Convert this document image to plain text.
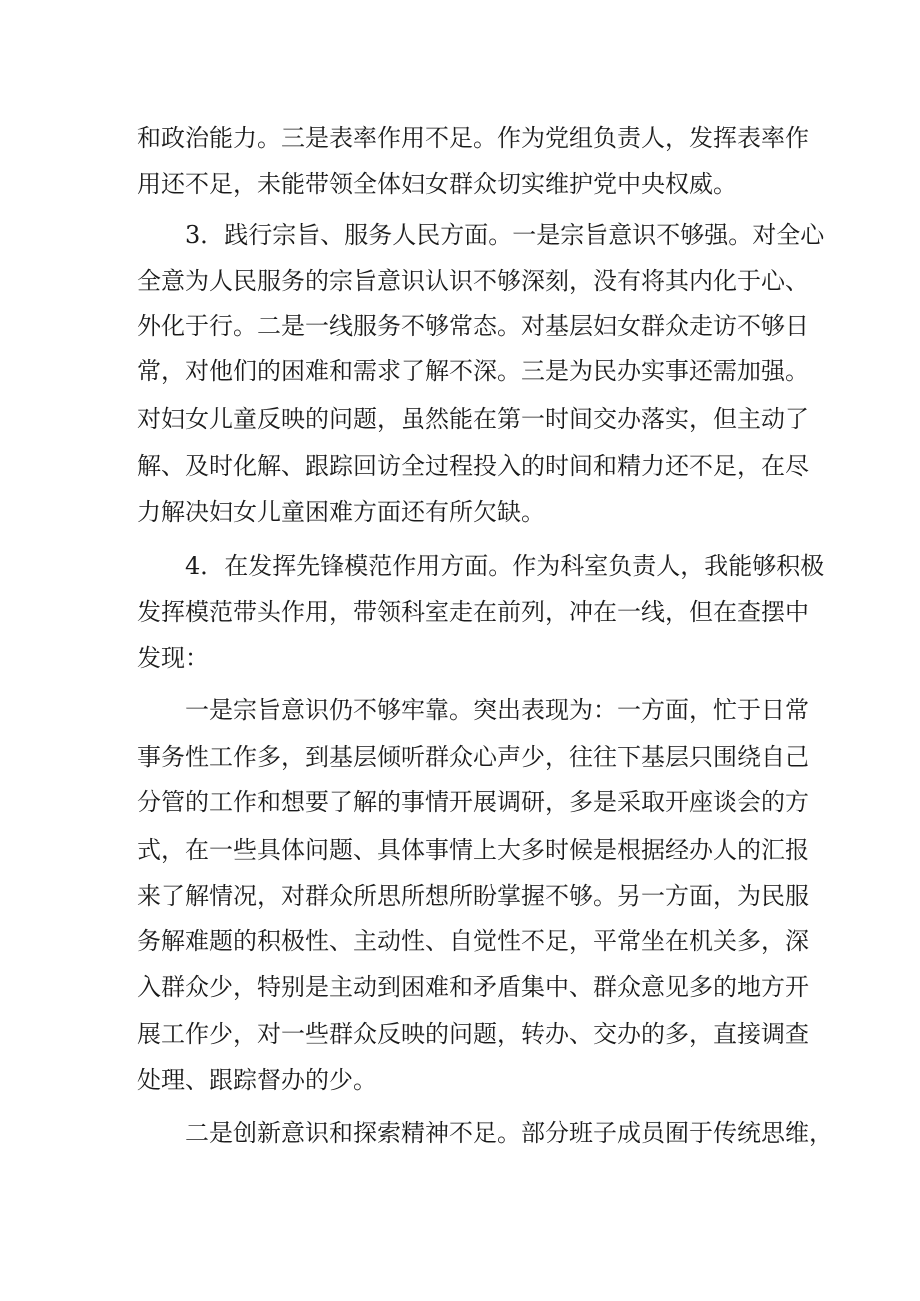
和政治能力。三是表率作用不足。作为党组负责人，发挥表率作
用还不足，未能带领全体妇女群众切实维护党中央权威。
3．践行宗旨、服务人民方面。一是宗旨意识不够强。对全心
全意为人民服务的宗旨意识认识不够深刻，没有将其内化于心、
外化于行。二是一线服务不够常态。对基层妇女群众走访不够日
常，对他们的困难和需求了解不深。三是为民办实事还需加强。
对妇女儿童反映的问题，虽然能在第一时间交办落实，但主动了
解、及时化解、跟踪回访全过程投入的时间和精力还不足，在尽
力解决妇女儿童困难方面还有所欠缺。
4．在发挥先锋模范作用方面。作为科室负责人，我能够积极
发挥模范带头作用，带领科室走在前列，冲在一线，但在查摆中
发现：
一是宗旨意识仍不够牢靠。突出表现为：一方面，忙于日常
事务性工作多，到基层倾听群众心声少，往往下基层只围绕自己
分管的工作和想要了解的事情开展调研，多是采取开座谈会的方
式，在一些具体问题、具体事情上大多时候是根据经办人的汇报
来了解情况，对群众所思所想所盼掌握不够。另一方面，为民服
务解难题的积极性、主动性、自觉性不足，平常坐在机关多，深
入群众少，特别是主动到困难和矛盾集中、群众意见多的地方开
展工作少，对一些群众反映的问题，转办、交办的多，直接调查
处理、跟踪督办的少。
二是创新意识和探索精神不足。部分班子成员囿于传统思维，
